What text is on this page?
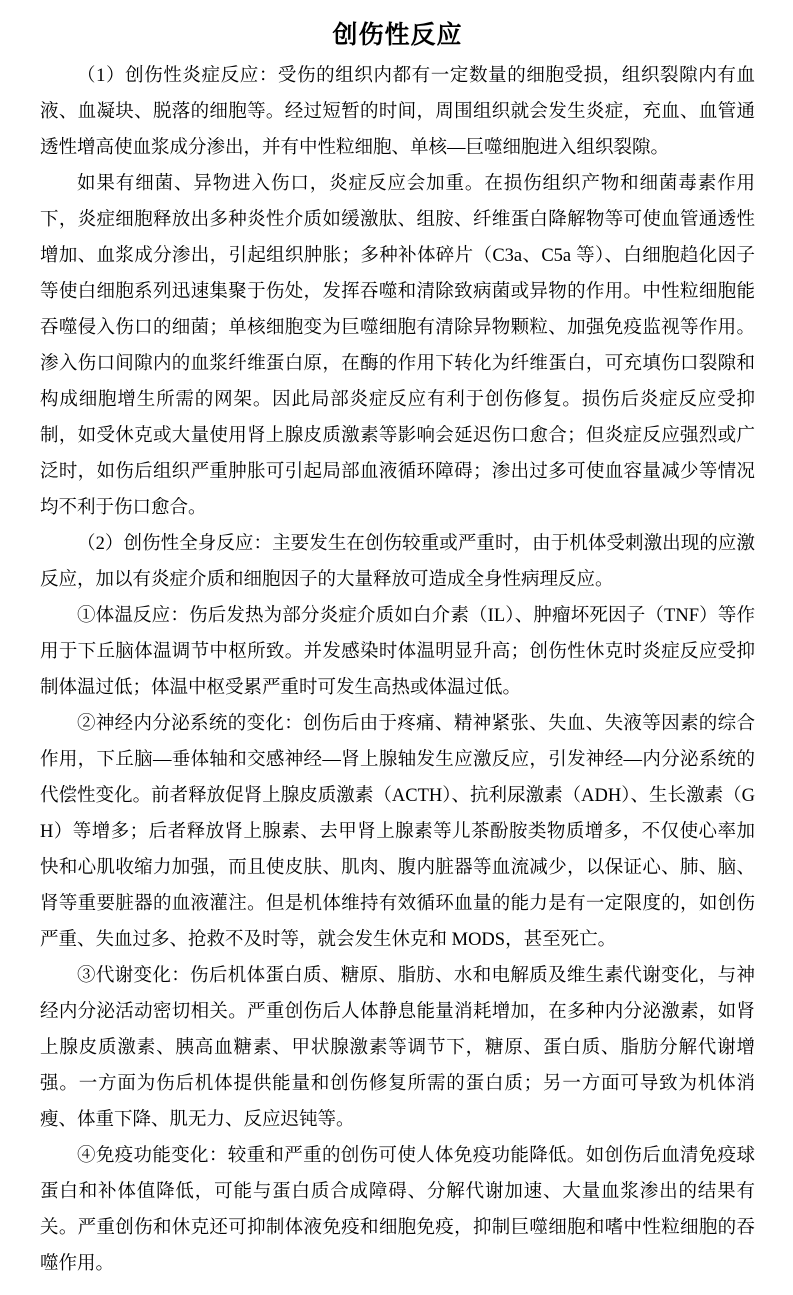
创伤性反应

（1）创伤性炎症反应：受伤的组织内都有一定数量的细胞受损，组织裂隙内有血液、血凝块、脱落的细胞等。经过短暂的时间，周围组织就会发生炎症，充血、血管通透性增高使血浆成分渗出，并有中性粒细胞、单核—巨噬细胞进入组织裂隙。

如果有细菌、异物进入伤口，炎症反应会加重。在损伤组织产物和细菌毒素作用下，炎症细胞释放出多种炎性介质如缓激肽、组胺、纤维蛋白降解物等可使血管通透性增加、血浆成分渗出，引起组织肿胀；多种补体碎片（C3a、C5a 等）、白细胞趋化因子等使白细胞系列迅速集聚于伤处，发挥吞噬和清除致病菌或异物的作用。中性粒细胞能吞噬侵入伤口的细菌；单核细胞变为巨噬细胞有清除异物颗粒、加强免疫监视等作用。渗入伤口间隙内的血浆纤维蛋白原，在酶的作用下转化为纤维蛋白，可充填伤口裂隙和构成细胞增生所需的网架。因此局部炎症反应有利于创伤修复。损伤后炎症反应受抑制，如受休克或大量使用肾上腺皮质激素等影响会延迟伤口愈合；但炎症反应强烈或广泛时，如伤后组织严重肿胀可引起局部血液循环障碍；渗出过多可使血容量减少等情况均不利于伤口愈合。

（2）创伤性全身反应：主要发生在创伤较重或严重时，由于机体受刺激出现的应激反应，加以有炎症介质和细胞因子的大量释放可造成全身性病理反应。

①体温反应：伤后发热为部分炎症介质如白介素（IL）、肿瘤坏死因子（TNF）等作用于下丘脑体温调节中枢所致。并发感染时体温明显升高；创伤性休克时炎症反应受抑制体温过低；体温中枢受累严重时可发生高热或体温过低。

②神经内分泌系统的变化：创伤后由于疼痛、精神紧张、失血、失液等因素的综合作用，下丘脑—垂体轴和交感神经—肾上腺轴发生应激反应，引发神经—内分泌系统的代偿性变化。前者释放促肾上腺皮质激素（ACTH）、抗利尿激素（ADH）、生长激素（GH）等增多；后者释放肾上腺素、去甲肾上腺素等儿茶酚胺类物质增多，不仅使心率加快和心肌收缩力加强，而且使皮肤、肌肉、腹内脏器等血流减少，以保证心、肺、脑、肾等重要脏器的血液灌注。但是机体维持有效循环血量的能力是有一定限度的，如创伤严重、失血过多、抢救不及时等，就会发生休克和 MODS，甚至死亡。

③代谢变化：伤后机体蛋白质、糖原、脂肪、水和电解质及维生素代谢变化，与神经内分泌活动密切相关。严重创伤后人体静息能量消耗增加，在多种内分泌激素，如肾上腺皮质激素、胰高血糖素、甲状腺激素等调节下，糖原、蛋白质、脂肪分解代谢增强。一方面为伤后机体提供能量和创伤修复所需的蛋白质；另一方面可导致为机体消瘦、体重下降、肌无力、反应迟钝等。

④免疫功能变化：较重和严重的创伤可使人体免疫功能降低。如创伤后血清免疫球蛋白和补体值降低，可能与蛋白质合成障碍、分解代谢加速、大量血浆渗出的结果有关。严重创伤和休克还可抑制体液免疫和细胞免疫，抑制巨噬细胞和嗜中性粒细胞的吞噬作用。
